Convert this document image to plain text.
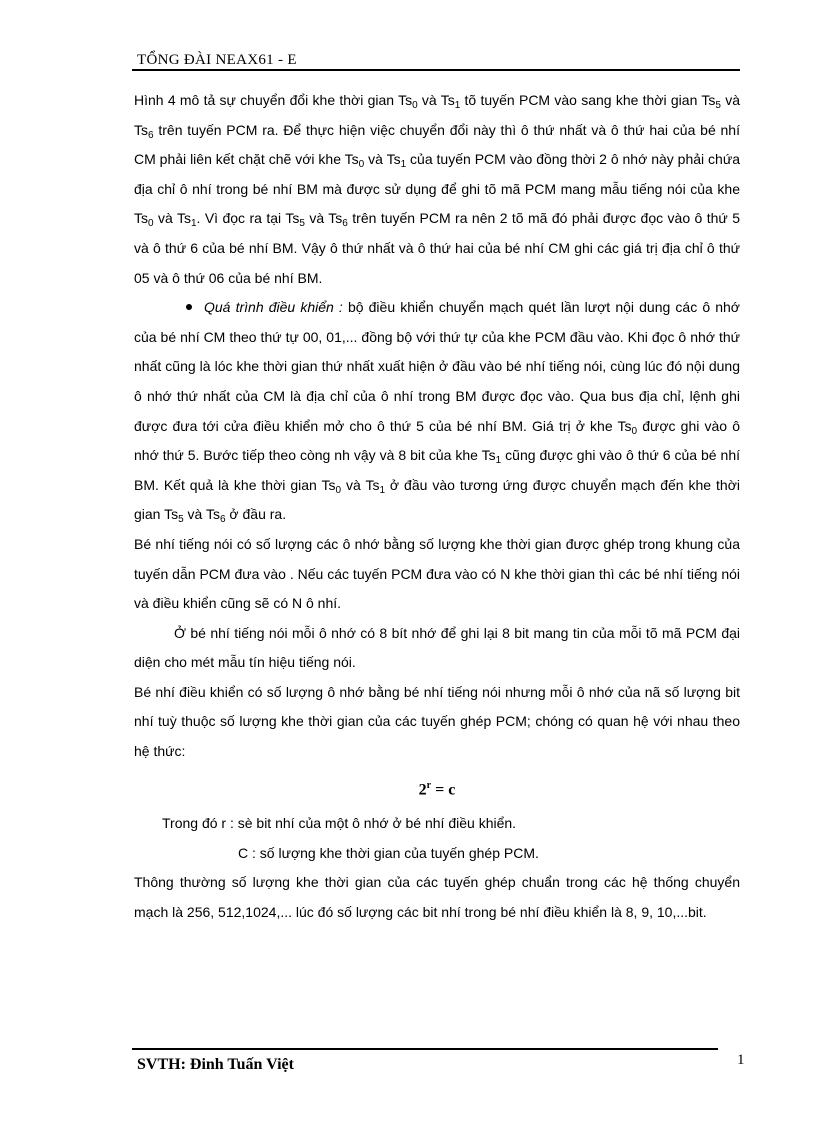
TỔNG ĐÀI NEAX61 - E

Hình 4 mô tả sự chuyển đổi khe thời gian $Ts_0$ và $Ts_1$ tõ tuyến PCM vào sang khe thời gian $Ts_5$ và $Ts_6$ trên tuyến PCM ra. Để thực hiện việc chuyển đổi này thì ô thứ nhất và ô thứ hai của bé nhí CM phải liên kết chặt chẽ với khe $Ts_0$ và $Ts_1$ của tuyến PCM vào đồng thời 2 ô nhớ này phải chứa địa chỉ ô nhí trong bé nhí BM mà được sử dụng để ghi tõ mã PCM mang mẫu tiếng nói của khe $Ts_0$ và $Ts_1$. Vì đọc ra tại $Ts_5$ và $Ts_6$ trên tuyến PCM ra nên 2 tõ mã đó phải được đọc vào ô thứ 5 và ô thứ 6 của bé nhí BM. Vậy ô thứ nhất và ô thứ hai của bé nhí CM ghi các giá trị địa chỉ ô thứ 05 và ô thứ 06 của bé nhí BM.

Quá trình điều khiển : bộ điều khiển chuyển mạch quét lần lượt nội dung các ô nhớ của bé nhí CM theo thứ tự 00, 01,... đồng bộ với thứ tự của khe PCM đầu vào. Khi đọc ô nhớ thứ nhất cũng là lóc khe thời gian thứ nhất xuất hiện ở đầu vào bé nhí tiếng nói, cùng lúc đó nội dung ô nhớ thứ nhất của CM là địa chỉ của ô nhí trong BM được đọc vào. Qua bus địa chỉ, lệnh ghi được đưa tới cửa điều khiển mở cho ô thứ 5 của bé nhí BM. Giá trị ở khe $Ts_0$ được ghi vào ô nhớ thứ 5. Bước tiếp theo còng nh vậy và 8 bit của khe $Ts_1$ cũng được ghi vào ô thứ 6 của bé nhí BM. Kết quả là khe thời gian $Ts_0$ và $Ts_1$ ở đầu vào tương ứng được chuyển mạch đến khe thời gian $Ts_5$ và $Ts_6$ ở đầu ra.

Bé nhí tiếng nói có số lượng các ô nhớ bằng số lượng khe thời gian được ghép trong khung của tuyến dẫn PCM đưa vào . Nếu các tuyến PCM đưa vào có N khe thời gian thì các bé nhí tiếng nói và điều khiển cũng sẽ có N ô nhí.

Ở bé nhí tiếng nói mỗi ô nhớ có 8 bít nhớ để ghi lại 8 bit mang tin của mỗi tõ mã PCM đại diện cho mét mẫu tín hiệu tiếng nói.

Bé nhí điều khiển có số lượng ô nhớ bằng bé nhí tiếng nói nhưng mỗi ô nhớ của nã số lượng bit nhí tuỳ thuộc số lượng khe thời gian của các tuyến ghép PCM; chóng có quan hệ với nhau theo hệ thức:

$2^r = c$

Trong đó r : sè bit nhí của một ô nhớ ở bé nhí điều khiển.

C : số lượng khe thời gian của tuyến ghép PCM.

Thông thường số lượng khe thời gian của các tuyến ghép chuẩn trong các hệ thống chuyển mạch là 256, 512,1024,... lúc đó số lượng các bit nhí trong bé nhí điều khiển là 8, 9, 10,...bit.

SVTH: Đinh Tuấn Việt	1
